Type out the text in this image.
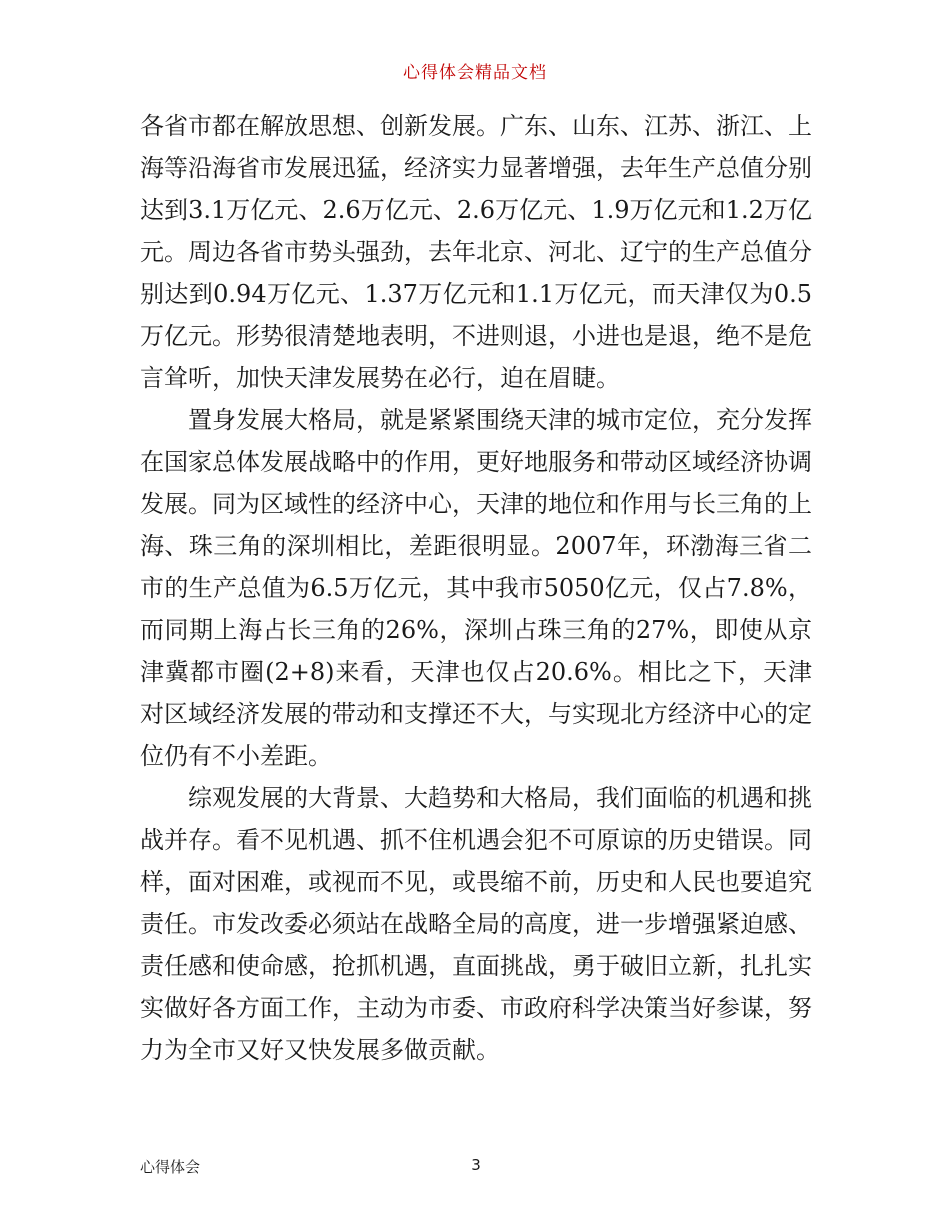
心得体会精品文档

各省市都在解放思想、创新发展。广东、山东、江苏、浙江、上海等沿海省市发展迅猛，经济实力显著增强，去年生产总值分别达到3.1万亿元、2.6万亿元、2.6万亿元、1.9万亿元和1.2万亿元。周边各省市势头强劲，去年北京、河北、辽宁的生产总值分别达到0.94万亿元、1.37万亿元和1.1万亿元，而天津仅为0.5万亿元。形势很清楚地表明，不进则退，小进也是退，绝不是危言耸听，加快天津发展势在必行，迫在眉睫。

置身发展大格局，就是紧紧围绕天津的城市定位，充分发挥在国家总体发展战略中的作用，更好地服务和带动区域经济协调发展。同为区域性的经济中心，天津的地位和作用与长三角的上海、珠三角的深圳相比，差距很明显。2007年，环渤海三省二市的生产总值为6.5万亿元，其中我市5050亿元，仅占7.8%，而同期上海占长三角的26%，深圳占珠三角的27%，即使从京津冀都市圈(2+8)来看，天津也仅占20.6%。相比之下，天津对区域经济发展的带动和支撑还不大，与实现北方经济中心的定位仍有不小差距。

综观发展的大背景、大趋势和大格局，我们面临的机遇和挑战并存。看不见机遇、抓不住机遇会犯不可原谅的历史错误。同样，面对困难，或视而不见，或畏缩不前，历史和人民也要追究责任。市发改委必须站在战略全局的高度，进一步增强紧迫感、责任感和使命感，抢抓机遇，直面挑战，勇于破旧立新，扎扎实实做好各方面工作，主动为市委、市政府科学决策当好参谋，努力为全市又好又快发展多做贡献。

心得体会	3
